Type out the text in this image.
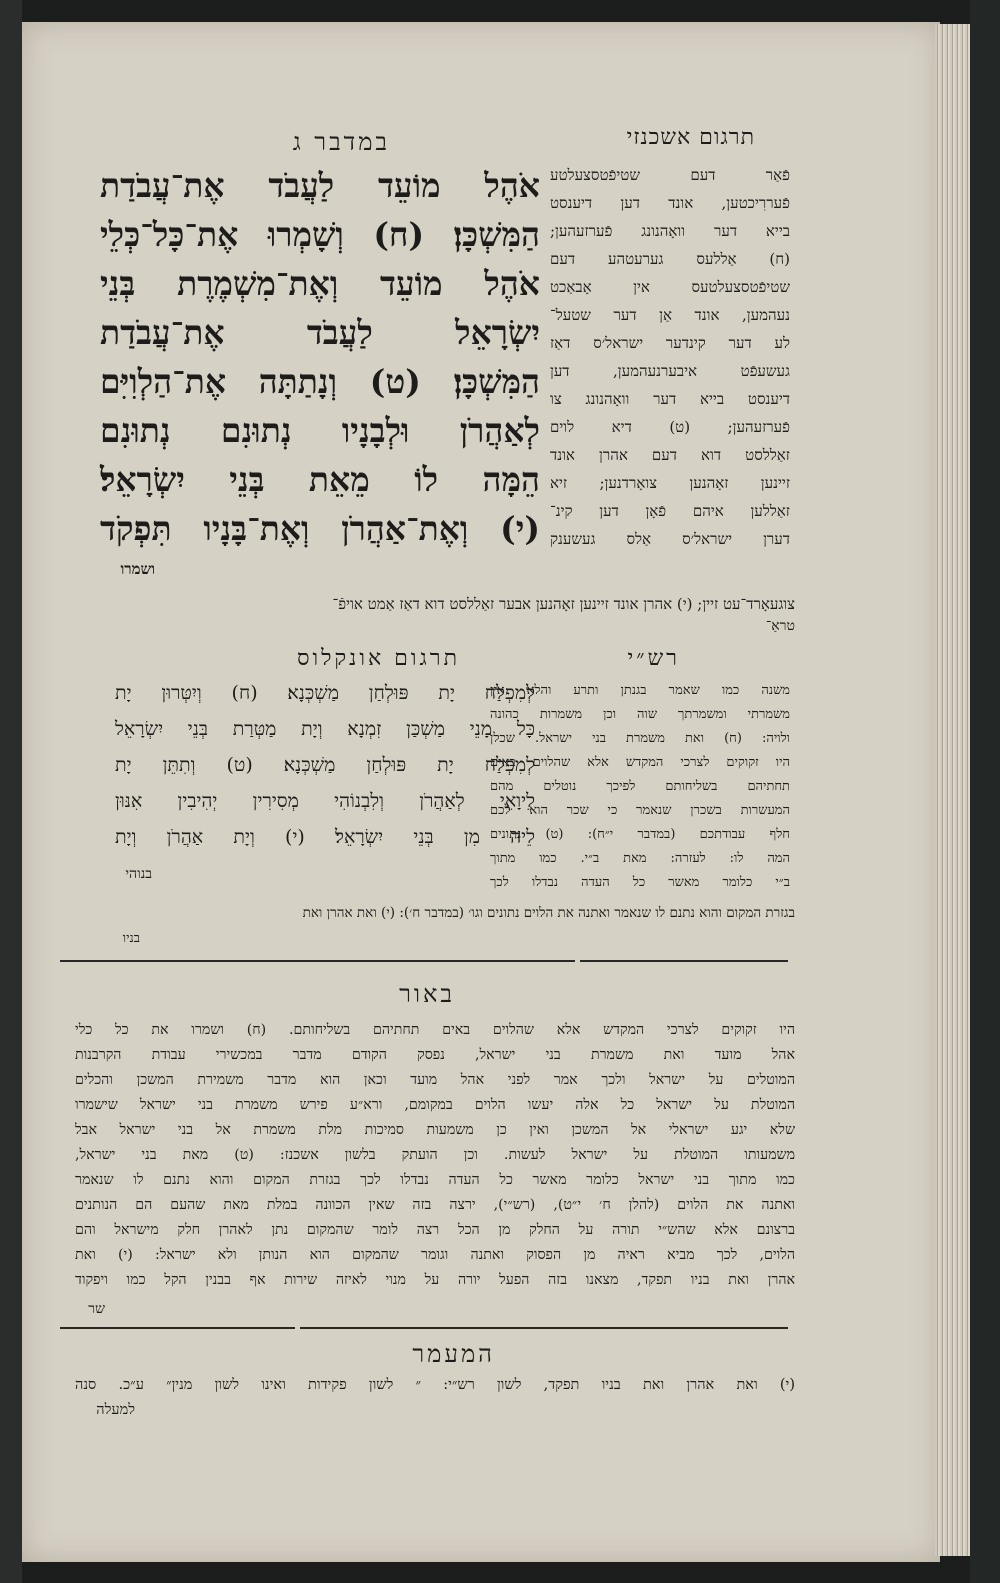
במדבר ג	תרגום אשכנזי
אֹהֶל מוֹעֵד לַעֲבֹד אֶת־עֲבֹדַת
הַמִּשְׁכָּן׃ (ח) וְשָׁמְרוּ אֶת־כָּל־כְּלֵי
אֹהֶל מוֹעֵד וְאֶת־מִשְׁמֶרֶת בְּנֵי
יִשְׂרָאֵל לַעֲבֹד אֶת־עֲבֹדַת
הַמִּשְׁכָּן׃ (ט) וְנָתַתָּה אֶת־הַלְוִיִּם
לְאַהֲרֹן וּלְבָנָיו נְתוּנִם נְתוּנִם
הֵמָּה לוֹ מֵאֵת בְּנֵי יִשְׂרָאֵל׃
(י) וְאֶת־אַהֲרֹן וְאֶת־בָּנָיו תִּפְקֹד
ושמרו
פֿאַר דעם שטיפֿטסצעלטע
פֿעררִיכטען, אונד דען דיענסט
בייא דער וואָהנונג פֿערזעהען;
(ח) אַללעס גערעטהע דעם
שטיפֿטסצעלטעס אין אָבאַכט
נעהמען, אונד אַן דער שטעל־
לע דער קינדער ישראל׳ס דאַז
געשעפֿט איבערנעהמען, דען
דיענסט בייא דער וואָהנונג צו
פֿערזעהען; (ט) דיא לוים
זאַללסט דוא דעם אהרן אונד
זיינען זאָהנען צואָרדנען; זיא
זאַללען איהם פֿאָן דען קינ־
דערן ישראל׳ס אַלס געשענק
צוגעאָרד־עט זיין; (י) אהרן אונד זיינען זאָהנען אבער זאַללסט דוא דאַז אַמט אויפֿ־
טראַ־
תרגום אונקלוס
לְמִפְלַח יָת פּוּלְחַן מַשְׁכְּנָא׃ (ח) וְיִטְּרוּן יָת
כָּל מָנֵי מַשְׁכַּן זִמְנָא וְיָת מַטְּרַת בְּנֵי יִשְׂרָאֵל
לְמִפְלַח יָת פּוּלְחַן מַשְׁכְּנָא׃ (ט) וְתִתֵּן יָת
לֵיוָאֵי לְאַהֲרֹן וְלִבְנוֹהִי מְסִירִין יְהִיבִין אִנּוּן
לֵיהּ מִן בְּנֵי יִשְׂרָאֵל׃ (י) וְיָת אַהֲרֹן וְיָת
בנוהי
רש״י
משנה כמו שאמר בגנתן ותרע והלא אין
משמרתי ומשמרתך שוה וכן משמרות כהונה
ולויה: (ח) ואת משמרת בני ישראל. שכלן
היו זקוקים לצרכי המקדש אלא שהלוים באים
תחתיהם בשליחותם לפיכך נוטלים מהם
המעשרות בשכרן שנאמר כי שכר הוא לכם
חלף עבודתכם (במדבר י״ח): (ט) נתונים
המה לו: לעזרה: מאת ב״י. כמו מתוך
ב״י כלומר מאשר כל העדה נבדלו לכך
בגזרת המקום והוא נתנם לו שנאמר ואתנה את הלוים נתונים וגו׳ (במדבר ח׳): (י) ואת אהרן ואת
בניו
באור
היו זקוקים לצרכי המקדש אלא שהלוים באים תחתיהם בשליחותם. (ח) ושמרו את כל כלי
אהל מועד ואת משמרת בני ישראל, נפסק הקודם מדבר במכשירי עבודת הקרבנות
המוטלים על ישראל ולכך אמר לפני אהל מועד וכאן הוא מדבר משמירת המשכן והכלים
המוטלת על ישראל כל אלה יעשו הלוים במקומם, ורא״ע פירש משמרת בני ישראל שישמרו
שלא יגע ישראלי אל המשכן ואין כן משמעות סמיכות מלת משמרת אל בני ישראל אבל
משמעותו המוטלת על ישראל לעשות. וכן הועתק בלשון אשכנז: (ט) מאת בני ישראל,
כמו מתוך בני ישראל כלומר מאשר כל העדה נבדלו לכך בגזרת המקום והוא נתנם לו שנאמר
ואתנה את הלוים (להלן ח׳ י״ט), (רש״י), ירצה בזה שאין הכוונה במלת מאת שהעם הם הנותנים
ברצונם אלא שהש״י תורה על החלק מן הכל רצה לומר שהמקום נתן לאהרן חלק מישראל והם
הלוים, לכך מביא ראיה מן הפסוק ואתנה וגומר שהמקום הוא הנותן ולא ישראל: (י) ואת
אהרן ואת בניו תפקד, מצאנו בזה הפעל יורה על מנוי לאיזה שירות אף בבנין הקל כמו ויפקוד
שר
המעמר
(י) ואת אהרן ואת בניו תפקד, לשון רש״י: ״ לשון פקידות ואינו לשון מנין״ ע״כ. סנה
למעלה
